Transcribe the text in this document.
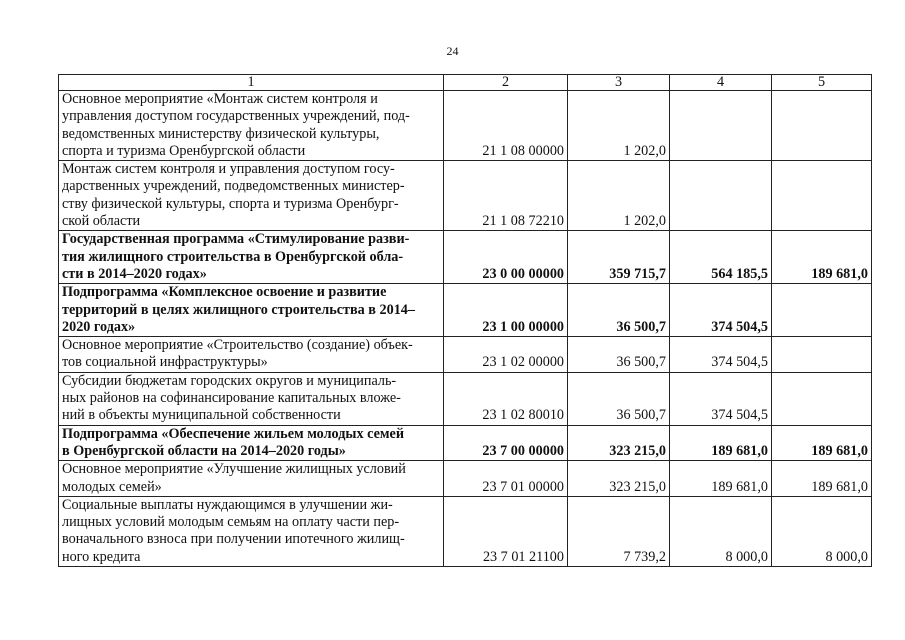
24
1	2	3	4	5
Основное мероприятие «Монтаж систем контроля и
управления доступом государственных учреждений, под-
ведомственных министерству физической культуры,
спорта и туризма Оренбургской области	21 1 08 00000	1 202,0		
Монтаж систем контроля и управления доступом госу-
дарственных учреждений, подведомственных министер-
ству физической культуры, спорта и туризма Оренбург-
ской области	21 1 08 72210	1 202,0		
Государственная программа «Стимулирование разви-
тия жилищного строительства в Оренбургской обла-
сти в 2014–2020 годах»	23 0 00 00000	359 715,7	564 185,5	189 681,0
Подпрограмма «Комплексное освоение и развитие
территорий в целях жилищного строительства в 2014–
2020 годах»	23 1 00 00000	36 500,7	374 504,5	
Основное мероприятие «Строительство (создание) объек-
тов социальной инфраструктуры»	23 1 02 00000	36 500,7	374 504,5	
Субсидии бюджетам городских округов и муниципаль-
ных районов на софинансирование капитальных вложе-
ний в объекты муниципальной собственности	23 1 02 80010	36 500,7	374 504,5	
Подпрограмма «Обеспечение жильем молодых семей
в Оренбургской области на 2014–2020 годы»	23 7 00 00000	323 215,0	189 681,0	189 681,0
Основное мероприятие «Улучшение жилищных условий
молодых семей»	23 7 01 00000	323 215,0	189 681,0	189 681,0
Социальные выплаты нуждающимся в улучшении жи-
лищных условий молодым семьям на оплату части пер-
воначального взноса при получении ипотечного жилищ-
ного кредита	23 7 01 21100	7 739,2	8 000,0	8 000,0
